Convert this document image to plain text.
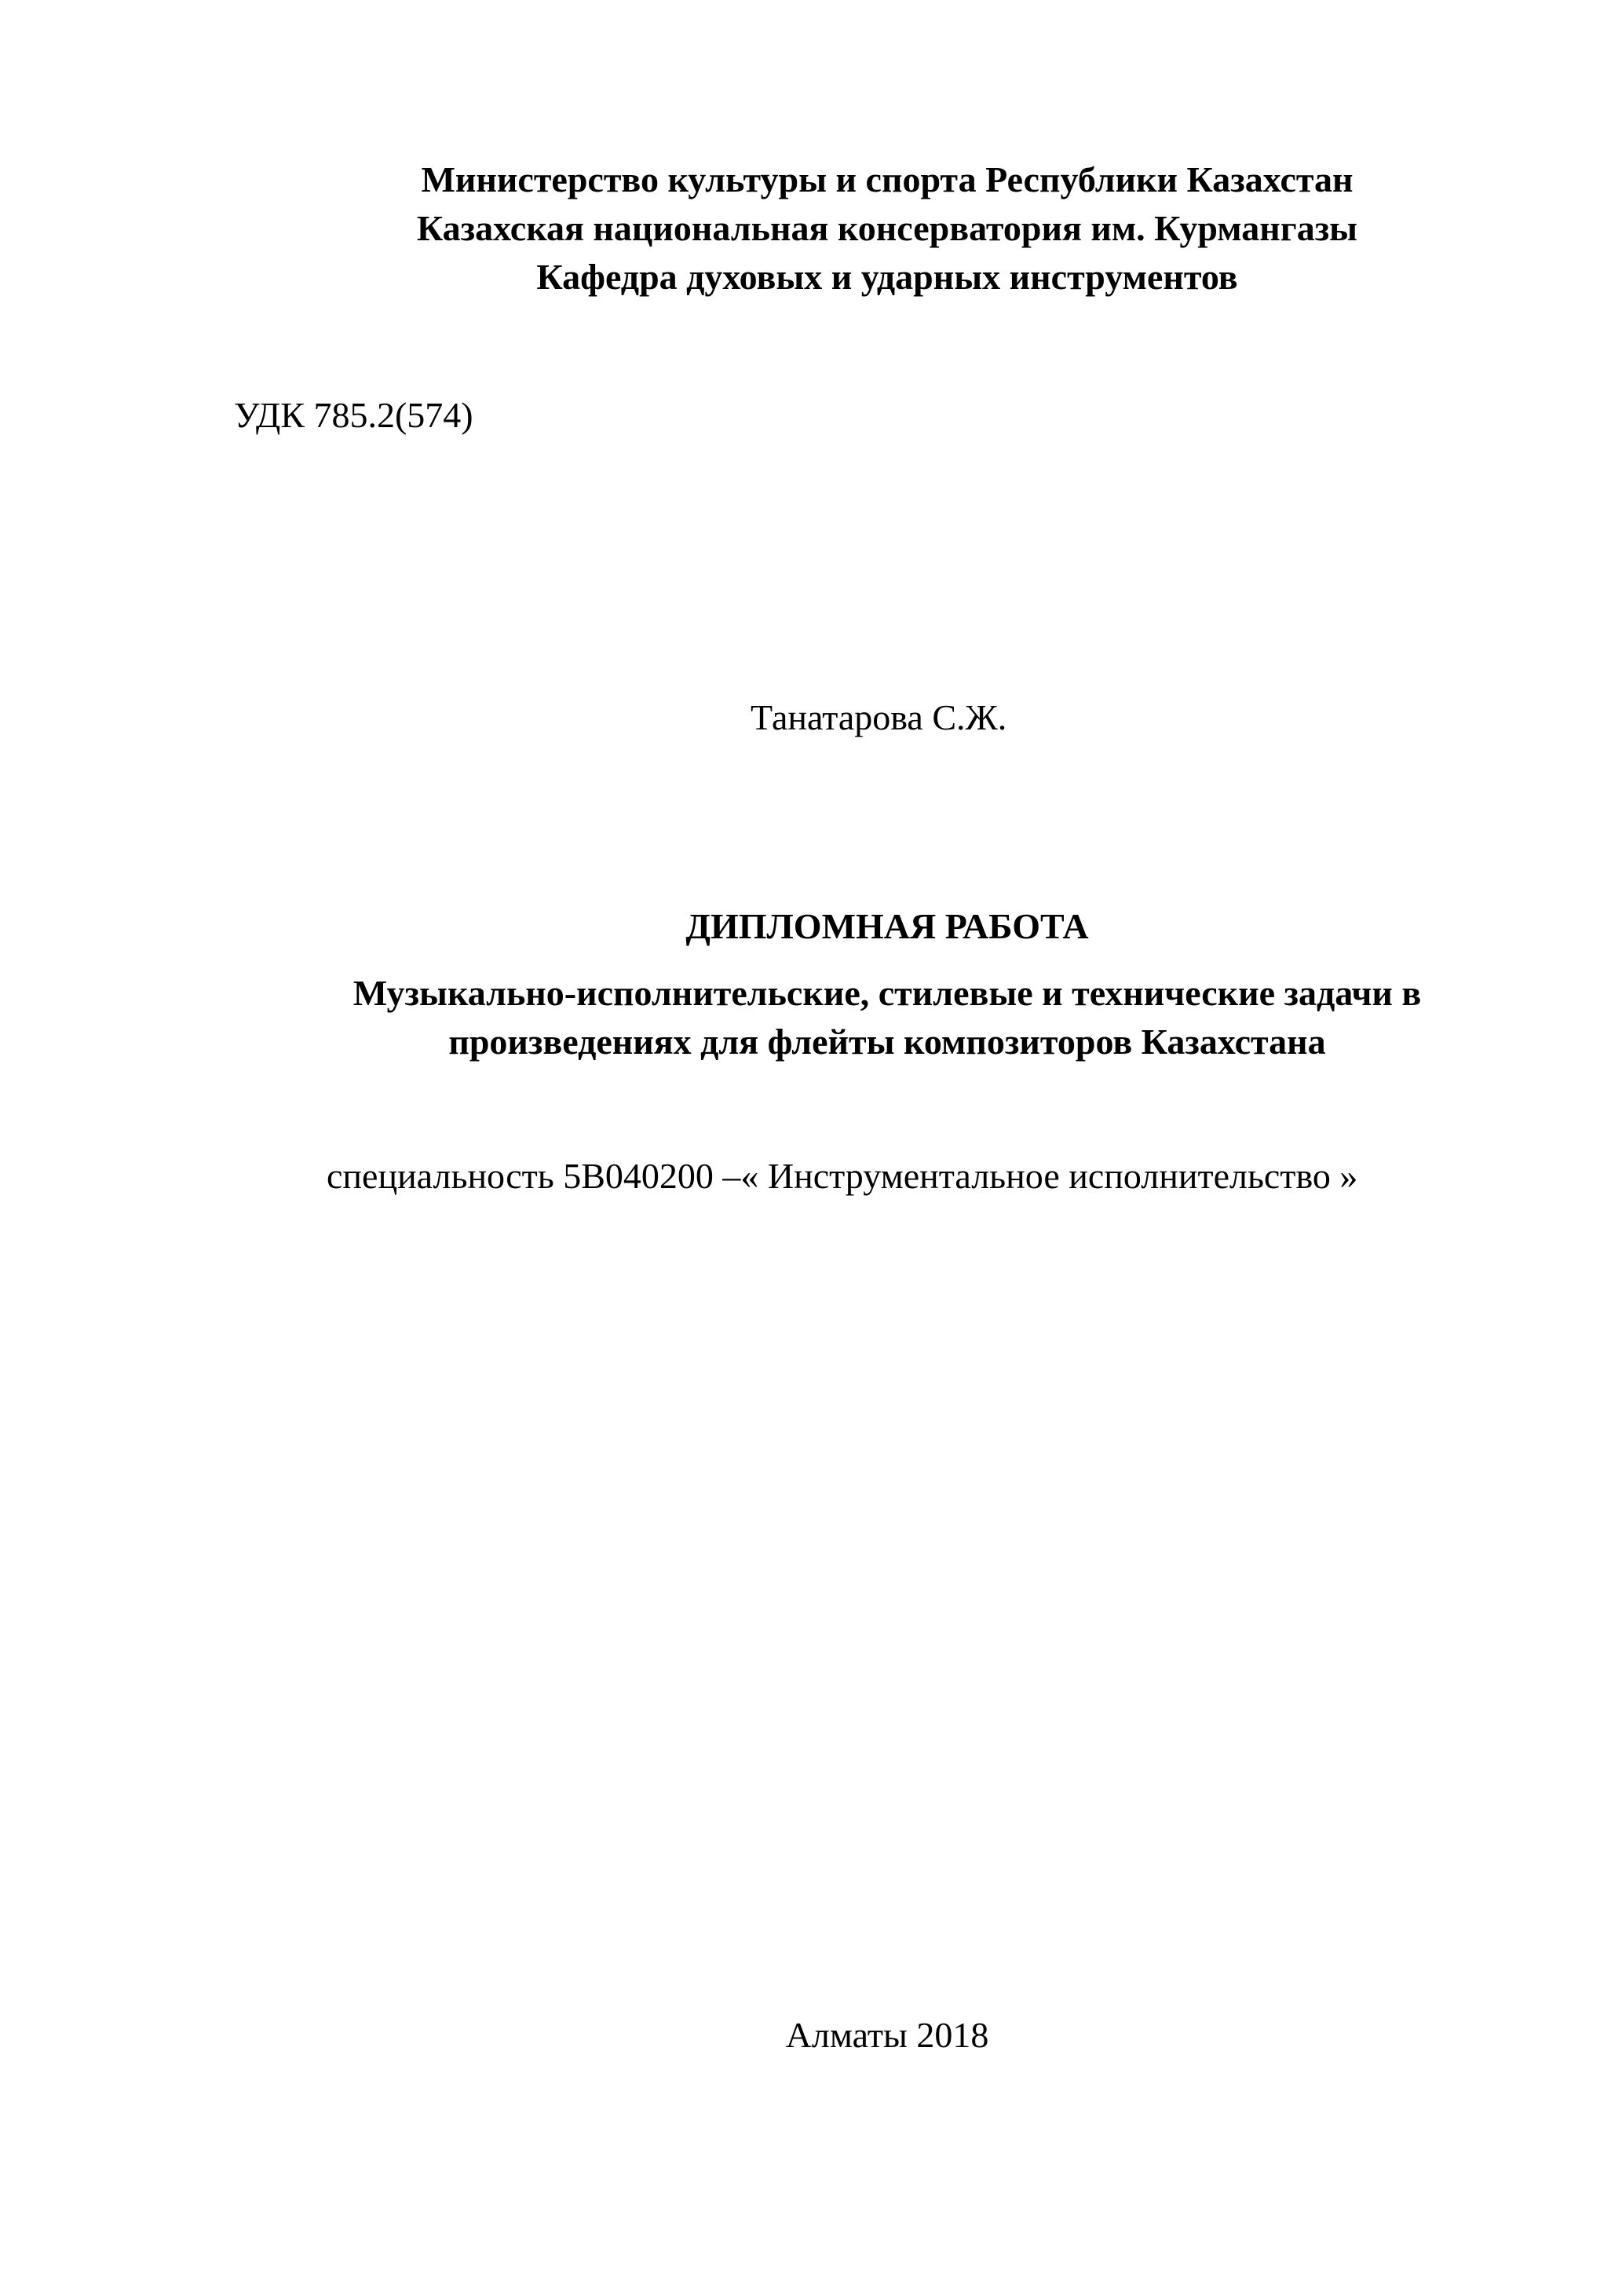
Министерство культуры и спорта Республики Казахстан
Казахская национальная консерватория им. Курмангазы
Кафедра духовых и ударных инструментов
УДК 785.2(574)
Танатарова С.Ж.
ДИПЛОМНАЯ РАБОТА
Музыкально-исполнительские, стилевые и технические задачи в
произведениях для флейты композиторов Казахстана
специальность 5В040200 –« Инструментальное исполнительство »
Алматы 2018
